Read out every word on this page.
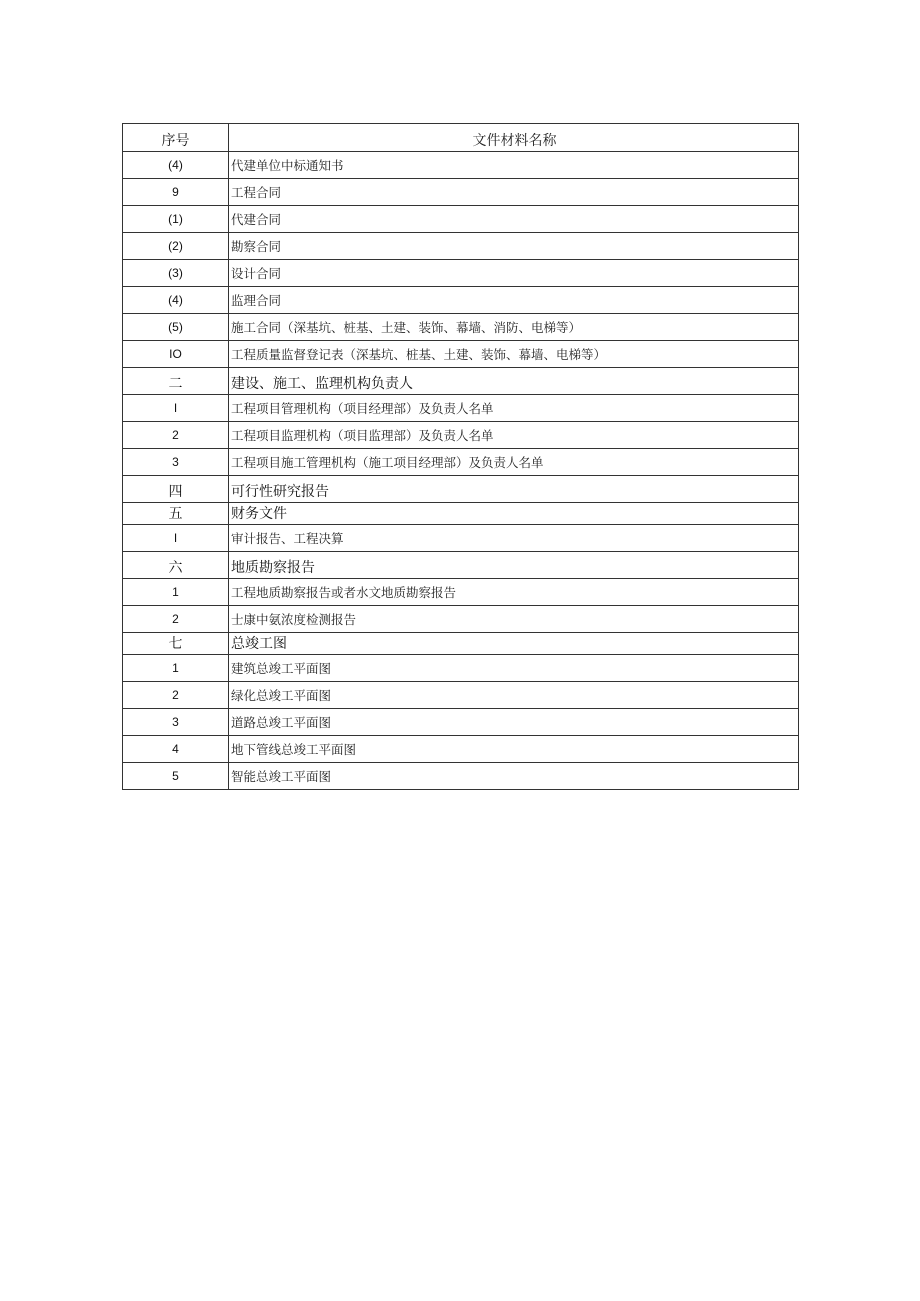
序号	文件材料名称
(4)	代建单位中标通知书
9	工程合同
(1)	代建合同
(2)	勘察合同
(3)	设计合同
(4)	监理合同
(5)	施工合同（深基坑、桩基、土建、装饰、幕墙、消防、电梯等）
IO	工程质量监督登记表（深基坑、桩基、土建、装饰、幕墙、电梯等）
二	建设、施工、监理机构负责人
I	工程项目管理机构（项目经理部）及负责人名单
2	工程项目监理机构（项目监理部）及负责人名单
3	工程项目施工管理机构（施工项目经理部）及负责人名单
四	可行性研究报告
五	财务文件
I	审计报告、工程决算
六	地质勘察报告
1	工程地质勘察报告或者水文地质勘察报告
2	士康中氨浓度检测报告
七	总竣工图
1	建筑总竣工平面图
2	绿化总竣工平面图
3	道路总竣工平面图
4	地下管线总竣工平面图
5	智能总竣工平面图
